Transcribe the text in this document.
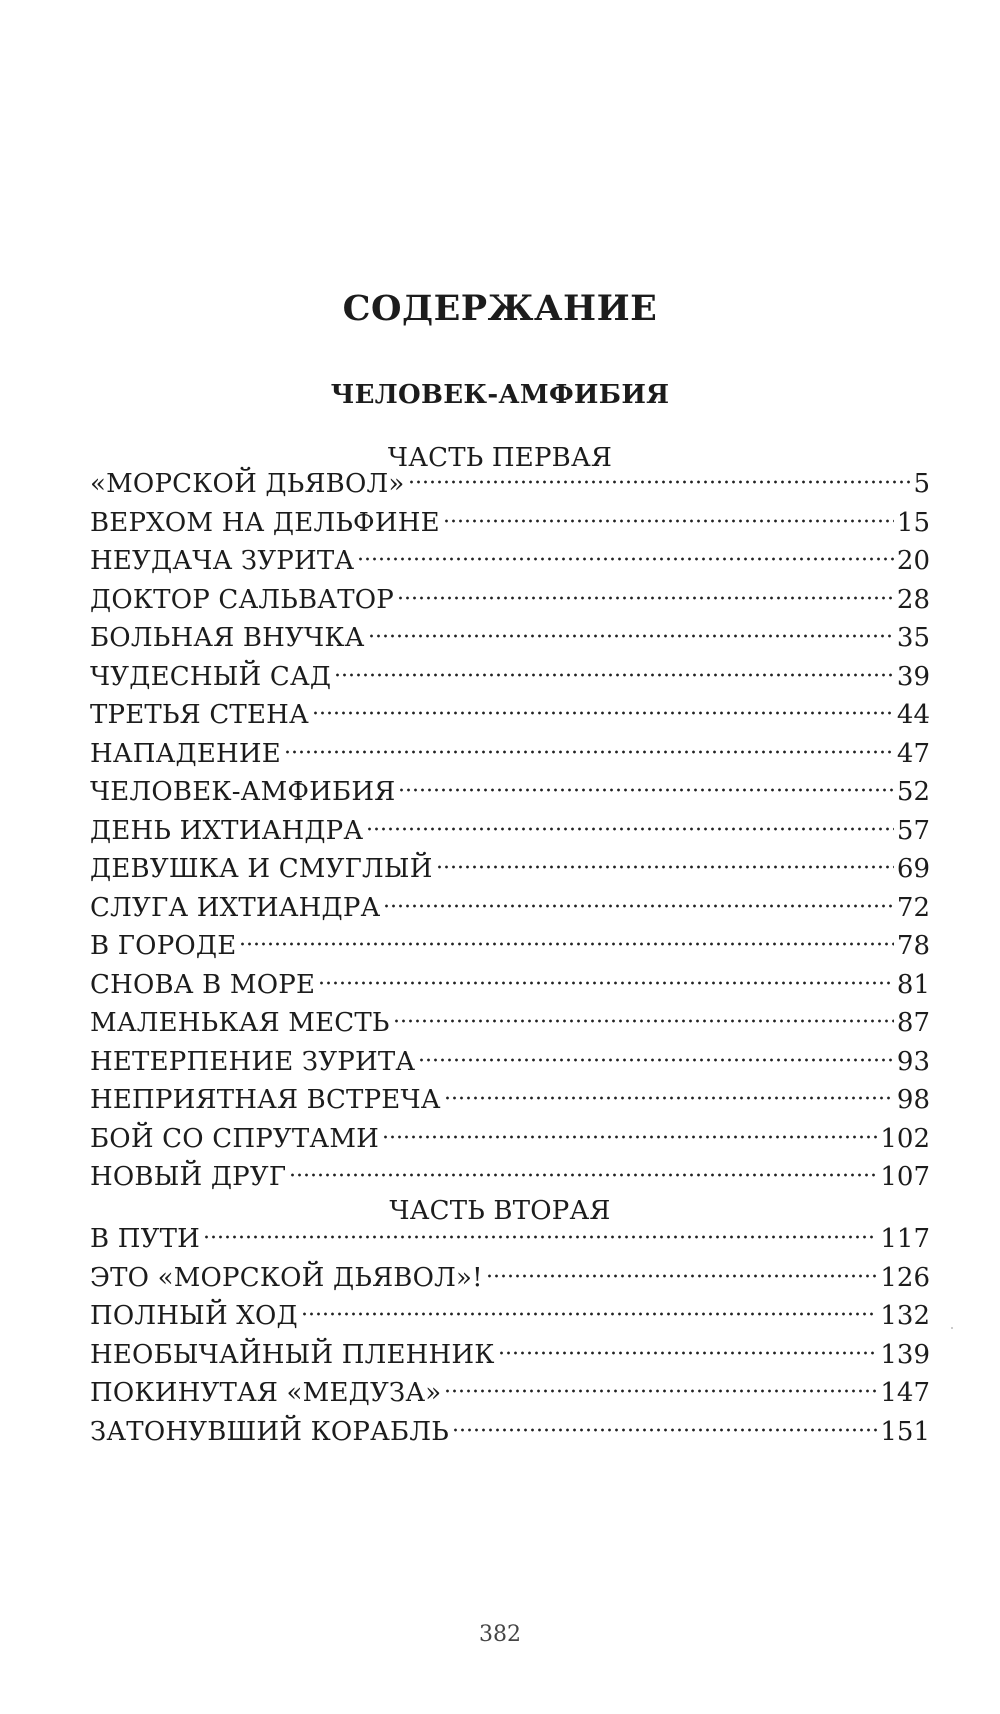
СОДЕРЖАНИЕ
ЧЕЛОВЕК-АМФИБИЯ
ЧАСТЬ ПЕРВАЯ
«МОРСКОЙ ДЬЯВОЛ»	5
ВЕРХОМ НА ДЕЛЬФИНЕ	15
НЕУДАЧА ЗУРИТА	20
ДОКТОР САЛЬВАТОР	28
БОЛЬНАЯ ВНУЧКА	35
ЧУДЕСНЫЙ САД	39
ТРЕТЬЯ СТЕНА	44
НАПАДЕНИЕ	47
ЧЕЛОВЕК-АМФИБИЯ	52
ДЕНЬ ИХТИАНДРА	57
ДЕВУШКА И СМУГЛЫЙ	69
СЛУГА ИХТИАНДРА	72
В ГОРОДЕ	78
СНОВА В МОРЕ	81
МАЛЕНЬКАЯ МЕСТЬ	87
НЕТЕРПЕНИЕ ЗУРИТА	93
НЕПРИЯТНАЯ ВСТРЕЧА	98
БОЙ СО СПРУТАМИ	102
НОВЫЙ ДРУГ	107
ЧАСТЬ ВТОРАЯ
В ПУТИ	117
ЭТО «МОРСКОЙ ДЬЯВОЛ»!	126
ПОЛНЫЙ ХОД	132
НЕОБЫЧАЙНЫЙ ПЛЕННИК	139
ПОКИНУТАЯ «МЕДУЗА»	147
ЗАТОНУВШИЙ КОРАБЛЬ	151
382
